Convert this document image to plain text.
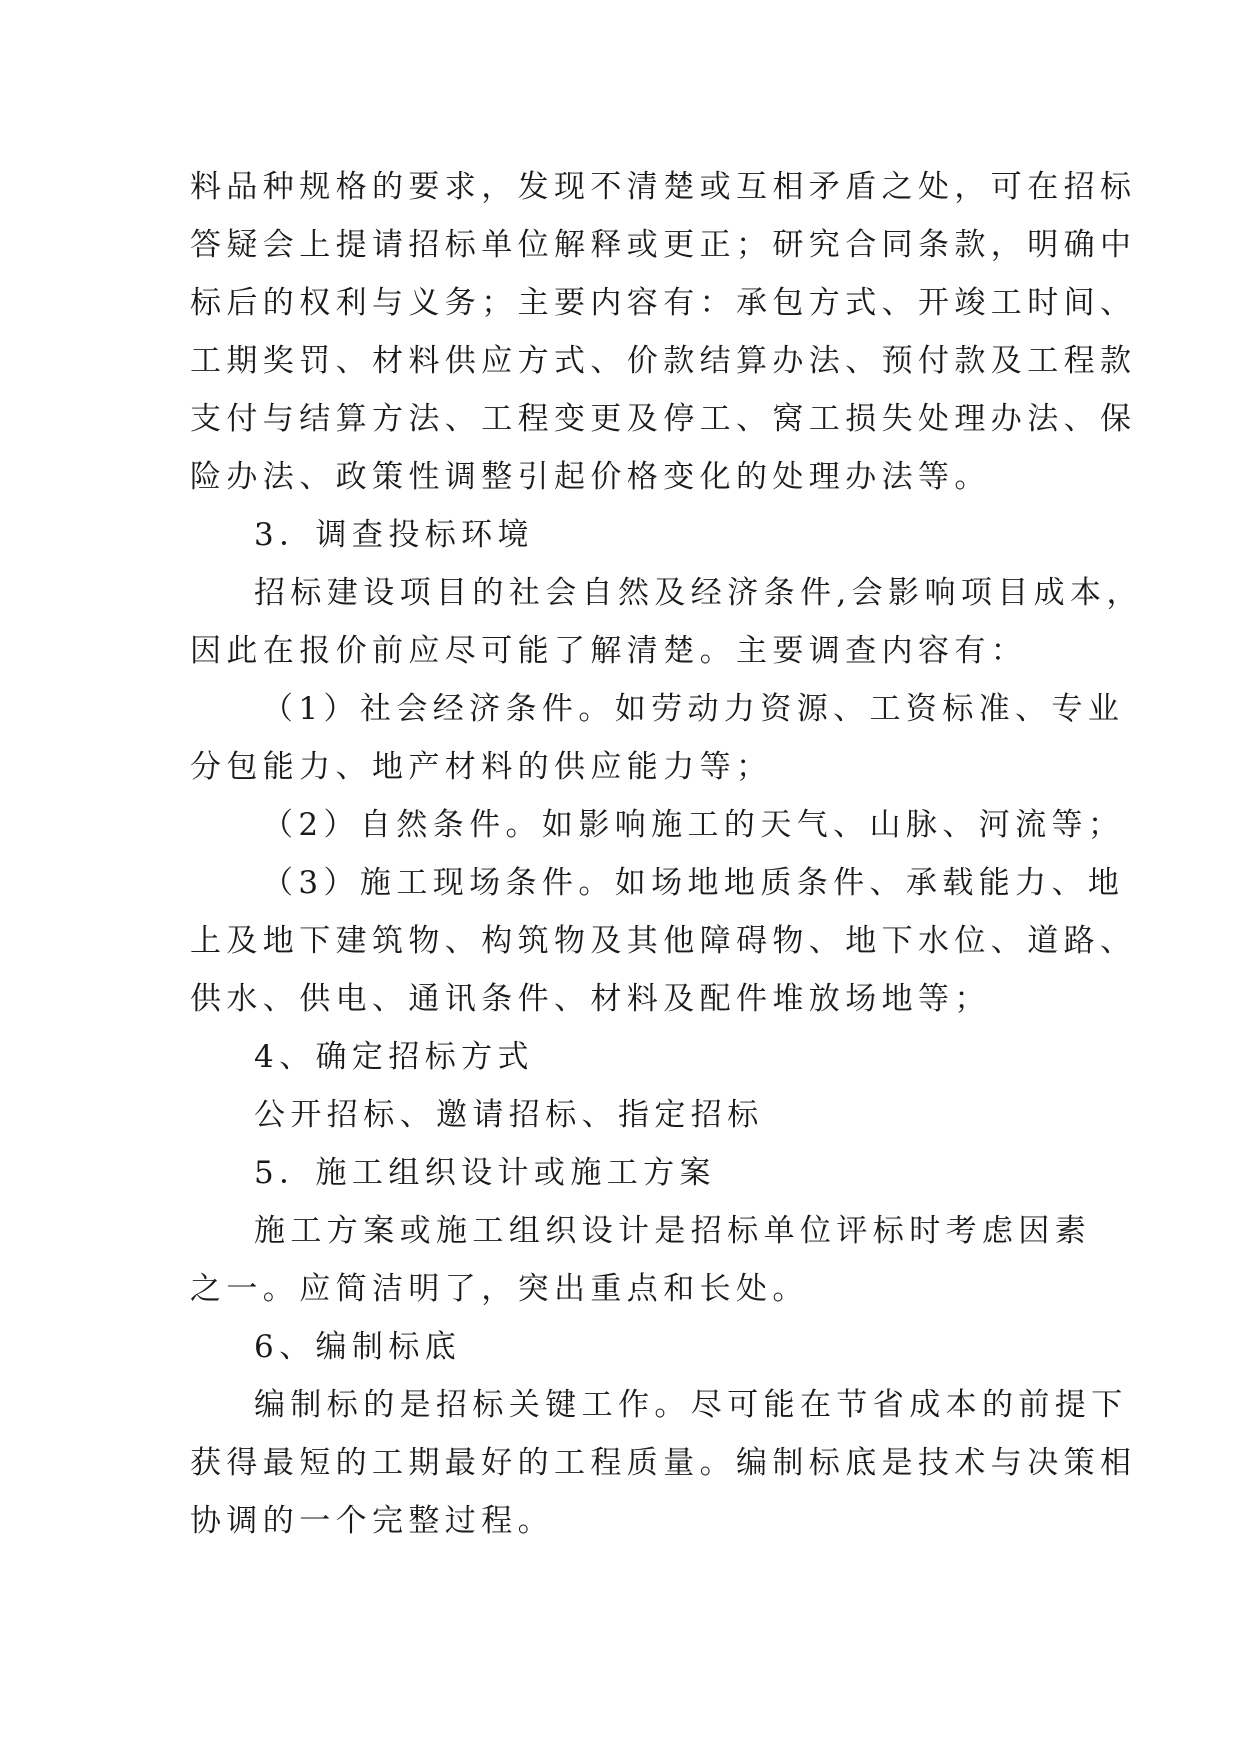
料品种规格的要求，发现不清楚或互相矛盾之处，可在招标
答疑会上提请招标单位解释或更正；研究合同条款，明确中
标后的权利与义务；主要内容有：承包方式、开竣工时间、
工期奖罚、材料供应方式、价款结算办法、预付款及工程款
支付与结算方法、工程变更及停工、窝工损失处理办法、保
险办法、政策性调整引起价格变化的处理办法等。
3．调查投标环境
招标建设项目的社会自然及经济条件,会影响项目成本，
因此在报价前应尽可能了解清楚。主要调查内容有：
（1）社会经济条件。如劳动力资源、工资标准、专业
分包能力、地产材料的供应能力等；
（2）自然条件。如影响施工的天气、山脉、河流等；
（3）施工现场条件。如场地地质条件、承载能力、地
上及地下建筑物、构筑物及其他障碍物、地下水位、道路、
供水、供电、通讯条件、材料及配件堆放场地等；
4、确定招标方式
公开招标、邀请招标、指定招标
5．施工组织设计或施工方案
施工方案或施工组织设计是招标单位评标时考虑因素
之一。应简洁明了，突出重点和长处。
6、编制标底
编制标的是招标关键工作。尽可能在节省成本的前提下
获得最短的工期最好的工程质量。编制标底是技术与决策相
协调的一个完整过程。
